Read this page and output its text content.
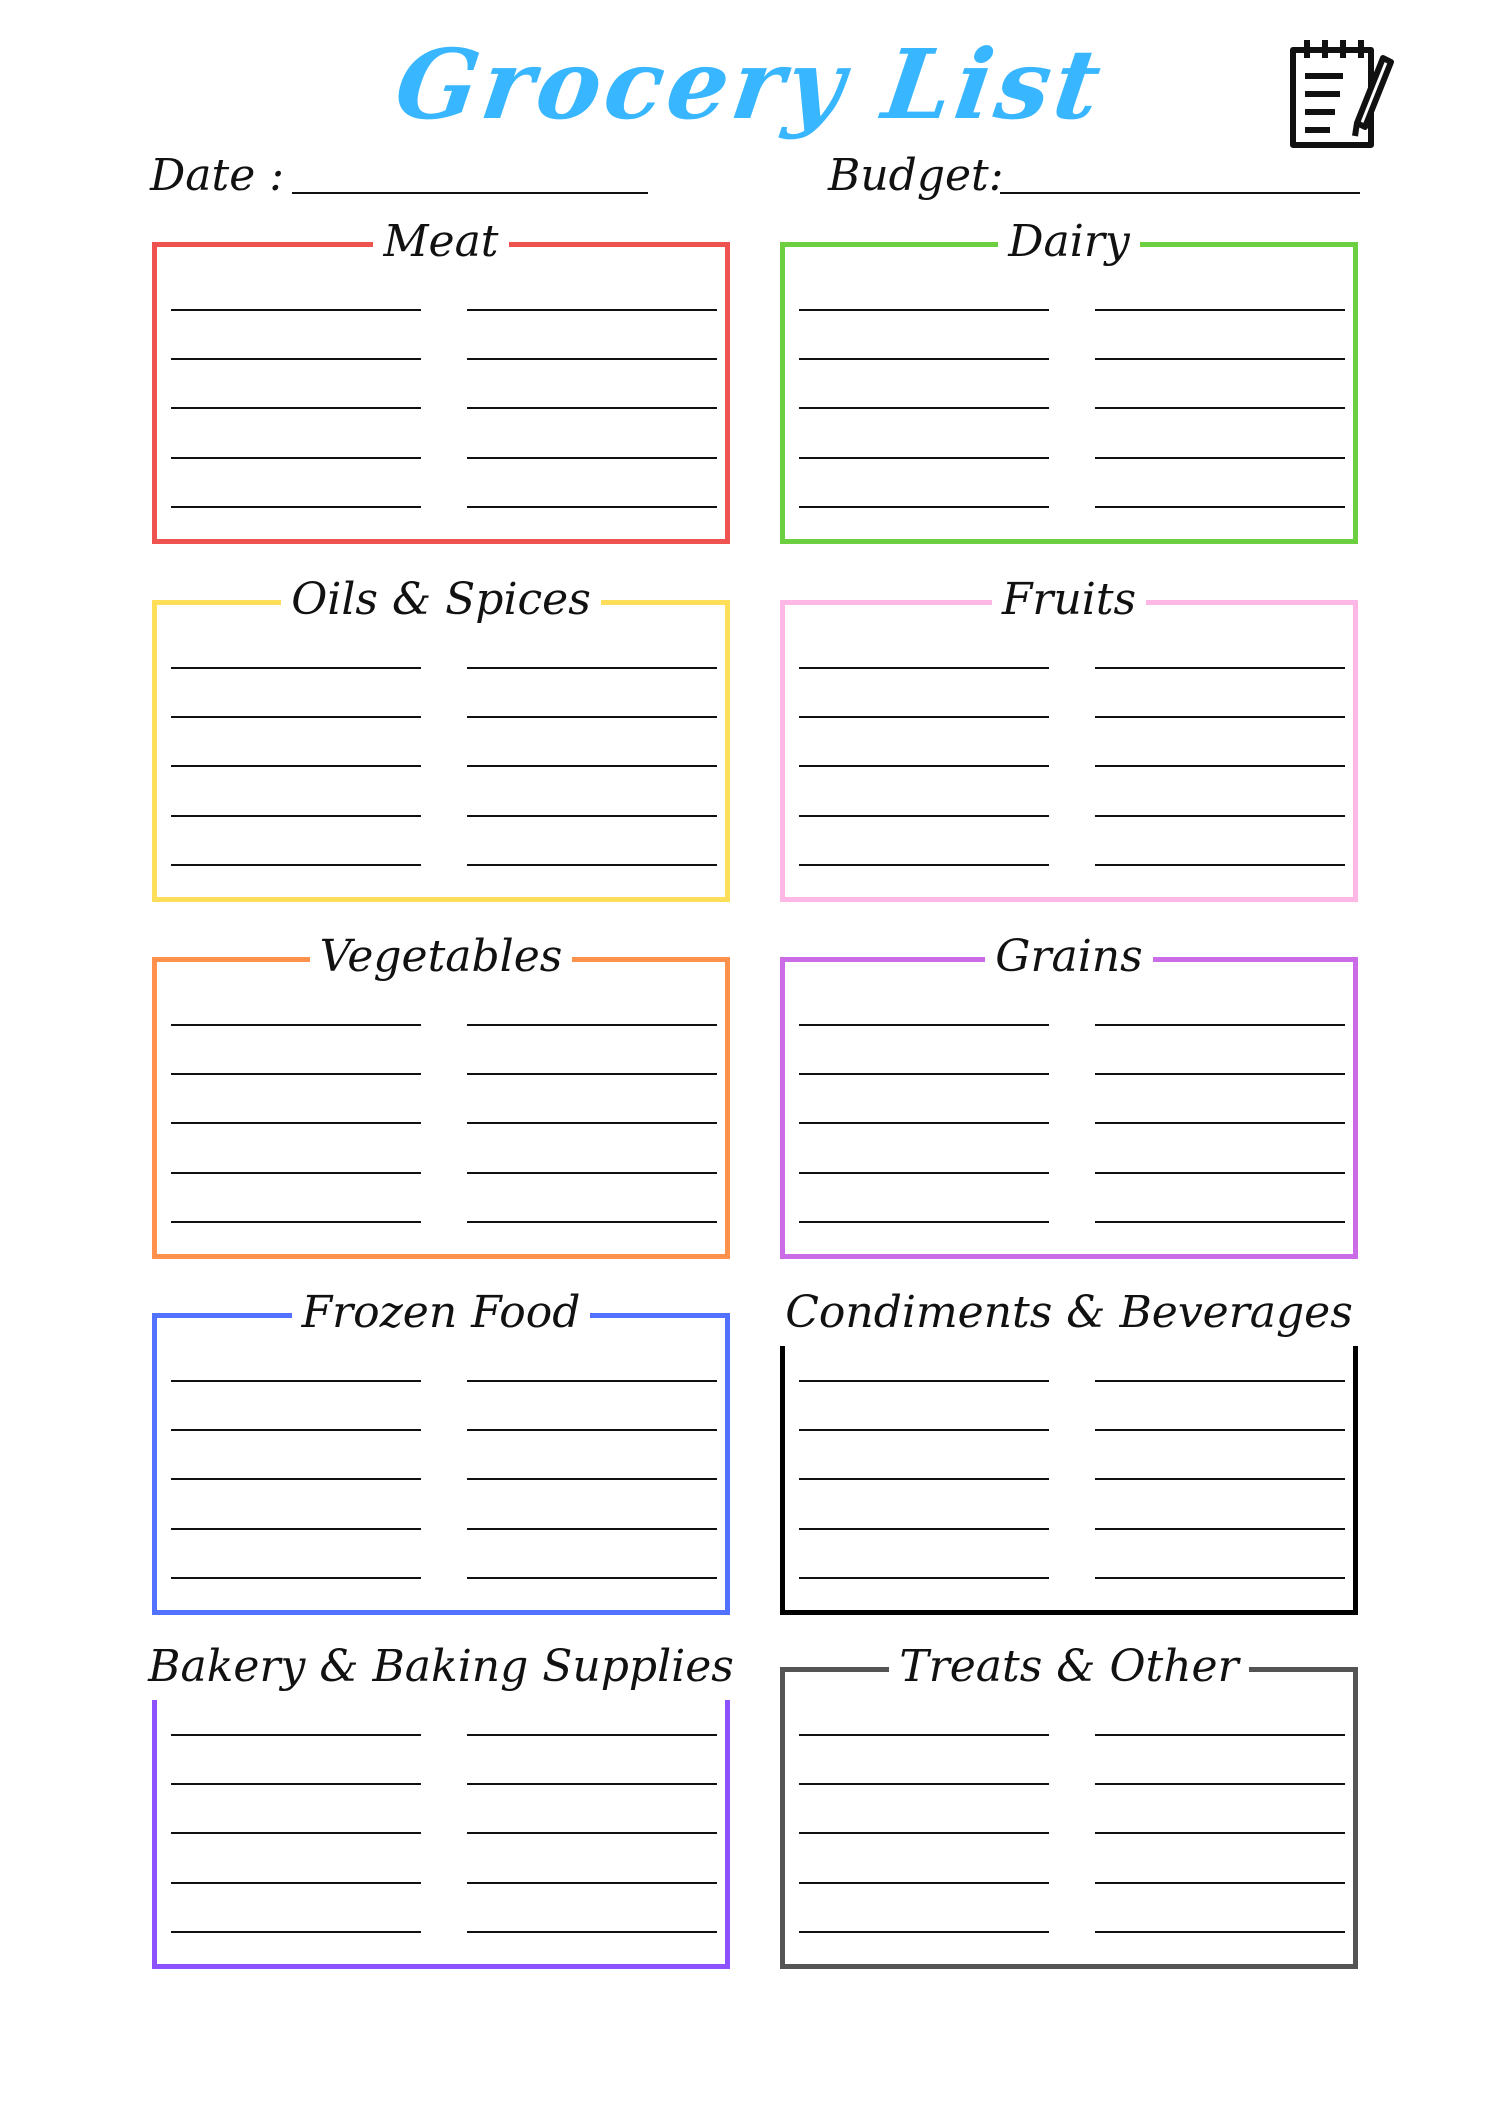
Grocery List
Date :	Budget:
Meat	Dairy
Oils & Spices	Fruits
Vegetables	Grains
Frozen Food	Condiments & Beverages
Bakery & Baking Supplies	Treats & Other
